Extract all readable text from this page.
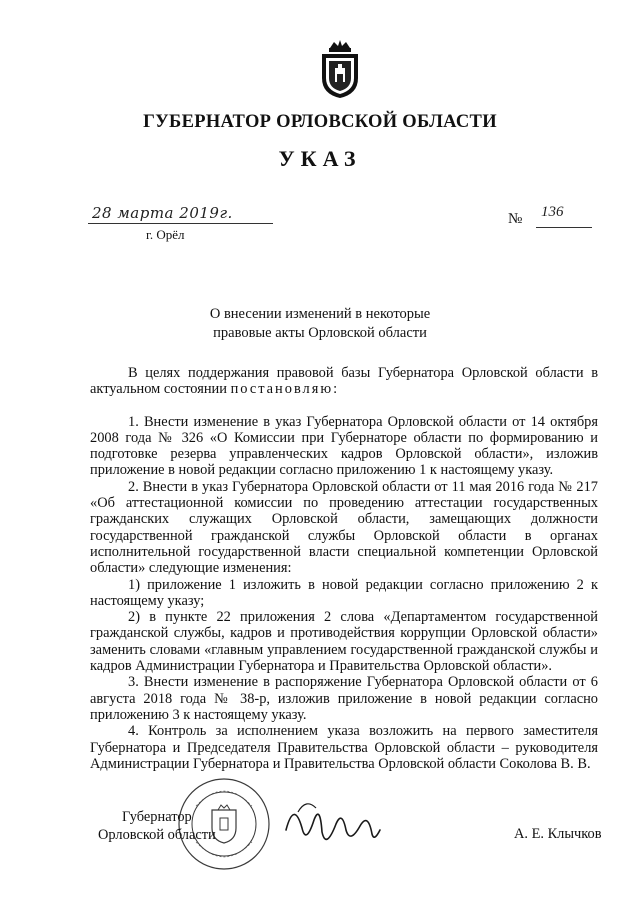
ГУБЕРНАТОР ОРЛОВСКОЙ ОБЛАСТИ
УКАЗ
28 марта 2019г.	№ 136
г. Орёл
О внесении изменений в некоторые
правовые акты Орловской области

В целях поддержания правовой базы Губернатора Орловской области в актуальном состоянии постановляю:

1. Внести изменение в указ Губернатора Орловской области от 14 октября 2008 года № 326 «О Комиссии при Губернаторе области по формированию и подготовке резерва управленческих кадров Орловской области», изложив приложение в новой редакции согласно приложению 1 к настоящему указу.

2. Внести в указ Губернатора Орловской области от 11 мая 2016 года № 217 «Об аттестационной комиссии по проведению аттестации государственных гражданских служащих Орловской области, замещающих должности государственной гражданской службы Орловской области в органах исполнительной государственной власти специальной компетенции Орловской области» следующие изменения:

1) приложение 1 изложить в новой редакции согласно приложению 2 к настоящему указу;

2) в пункте 22 приложения 2 слова «Департаментом государственной гражданской службы, кадров и противодействия коррупции Орловской области» заменить словами «главным управлением государственной гражданской службы и кадров Администрации Губернатора и Правительства Орловской области».

3. Внести изменение в распоряжение Губернатора Орловской области от 6 августа 2018 года № 38-р, изложив приложение в новой редакции согласно приложению 3 к настоящему указу.

4. Контроль за исполнением указа возложить на первого заместителя Губернатора и Председателя Правительства Орловской области – руководителя Администрации Губернатора и Правительства Орловской области Соколова В. В.

Губернатор
Орловской области	А. Е. Клычков
